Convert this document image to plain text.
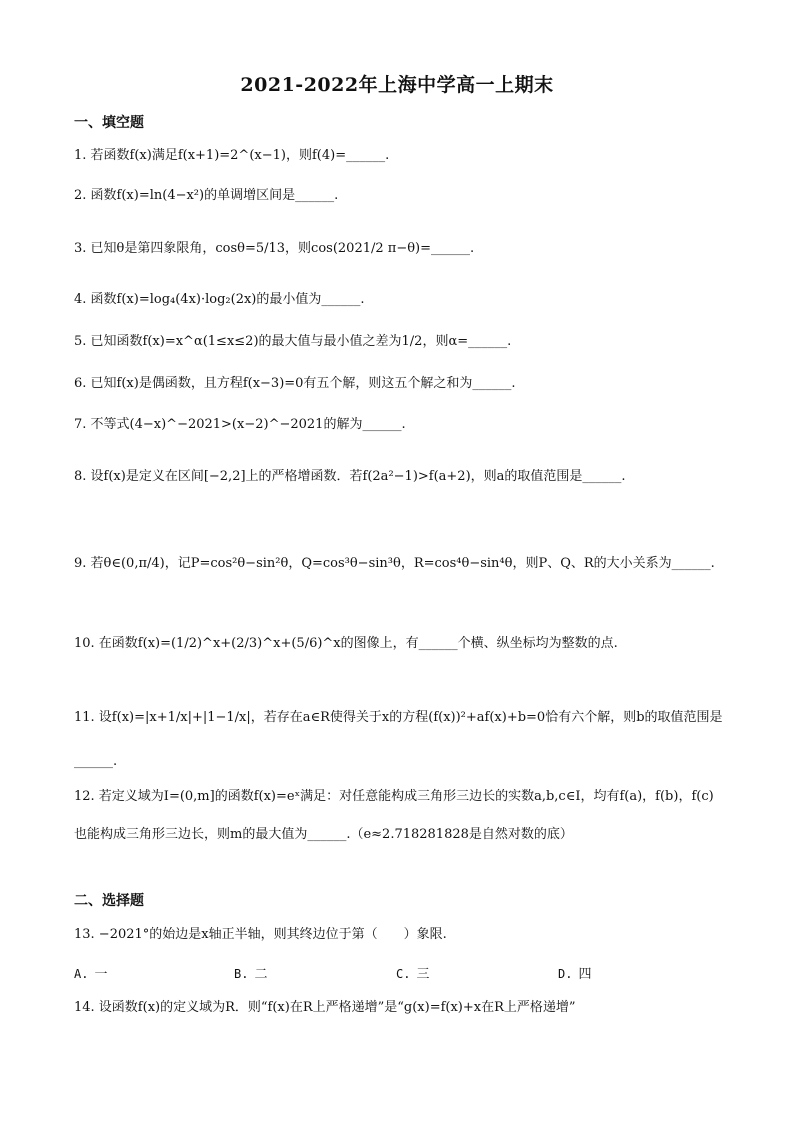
2021-2022年上海中学高一上期末
一、填空题
1. 若函数f(x)满足f(x+1)=2^(x−1)，则f(4)=______.
2. 函数f(x)=ln(4−x²)的单调增区间是______.
3. 已知θ是第四象限角，cosθ=5/13，则cos(2021/2 π−θ)=______.
4. 函数f(x)=log₄(4x)·log₂(2x)的最小值为______.
5. 已知函数f(x)=x^α(1≤x≤2)的最大值与最小值之差为1/2，则α=______.
6. 已知f(x)是偶函数，且方程f(x−3)=0有五个解，则这五个解之和为______.
7. 不等式(4−x)^−2021>(x−2)^−2021的解为______.
8. 设f(x)是定义在区间[−2,2]上的严格增函数．若f(2a²−1)>f(a+2)，则a的取值范围是______.
9. 若θ∈(0,π/4)，记P=cos²θ−sin²θ，Q=cos³θ−sin³θ，R=cos⁴θ−sin⁴θ，则P、Q、R的大小关系为______.
10. 在函数f(x)=(1/2)^x+(2/3)^x+(5/6)^x的图像上，有______个横、纵坐标均为整数的点.
11. 设f(x)=|x+1/x|+|1−1/x|，若存在a∈R使得关于x的方程(f(x))²+af(x)+b=0恰有六个解，则b的取值范围是______.
12. 若定义域为I=(0,m]的函数f(x)=eˣ满足：对任意能构成三角形三边长的实数a,b,c∈I，均有f(a)，f(b)，f(c)也能构成三角形三边长，则m的最大值为______.（e≈2.718281828是自然对数的底）
二、选择题
13. −2021°的始边是x轴正半轴，则其终边位于第（　　）象限.
A. 一	B. 二	C. 三	D. 四
14. 设函数f(x)的定义域为R．则“f(x)在R上严格递增”是“g(x)=f(x)+x在R上严格递增”
